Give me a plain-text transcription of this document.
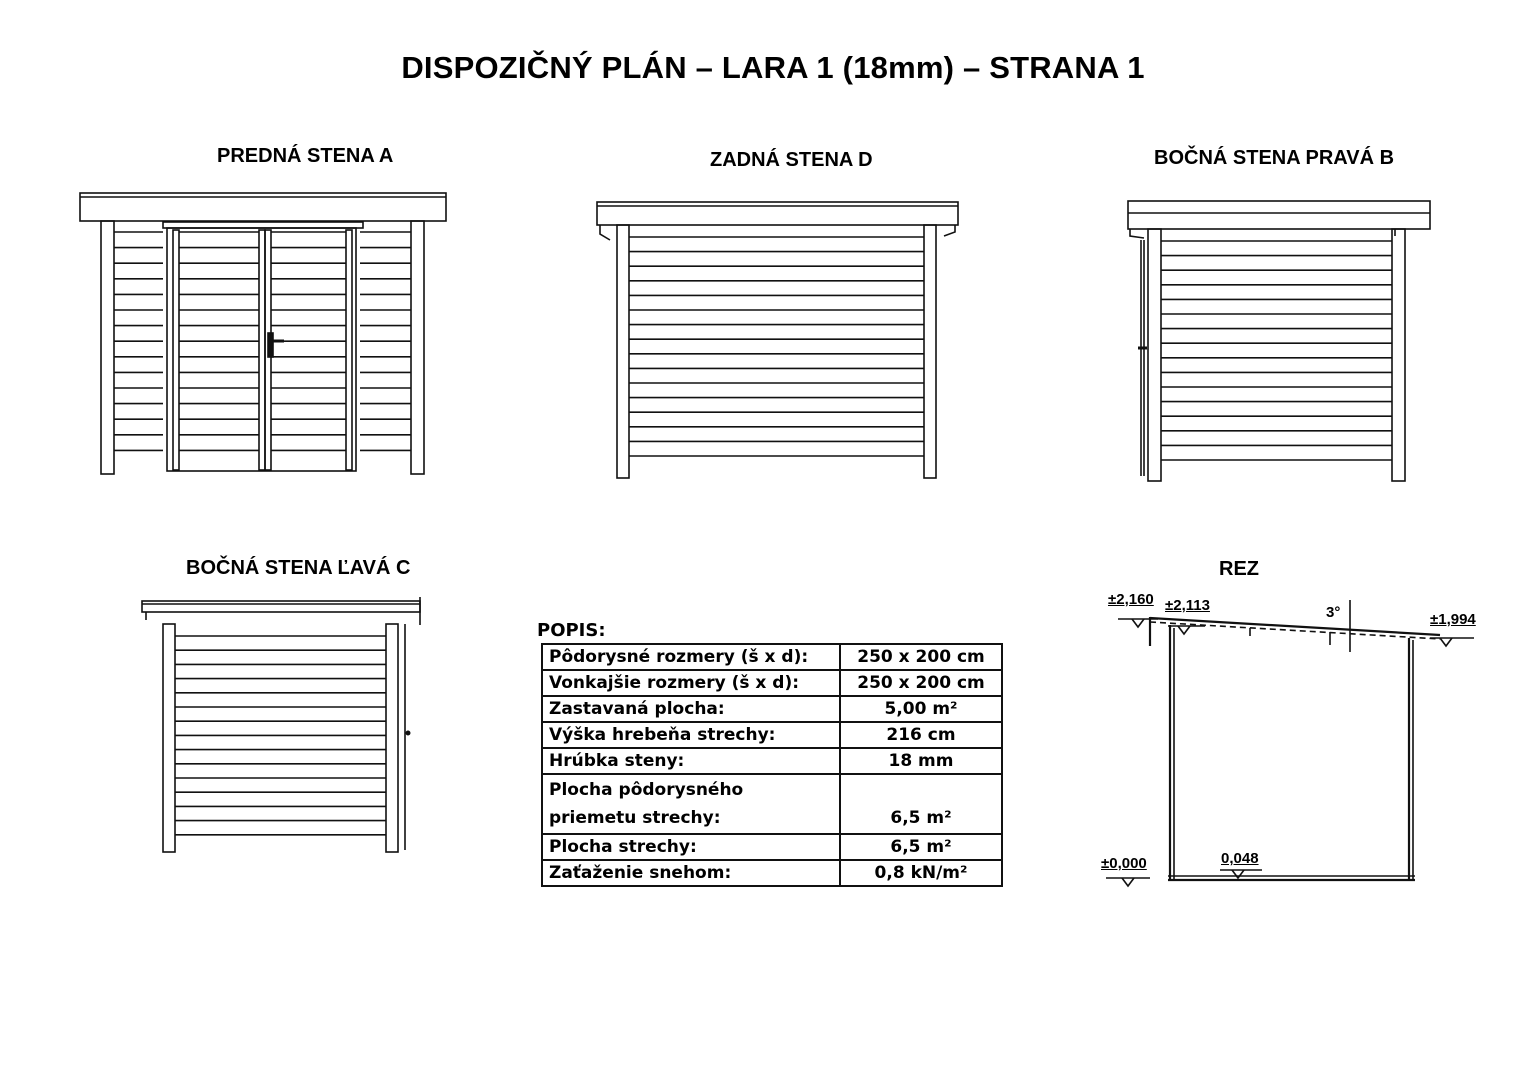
DISPOZIČNÝ PLÁN – LARA 1 (18mm) – STRANA 1
PREDNÁ STENA A	ZADNÁ STENA D	BOČNÁ STENA PRAVÁ B
BOČNÁ STENA ĽAVÁ C	REZ
±2,160 ±2,113	3°	±1,994
±0,000	0,048
POPIS:
Pôdorysné rozmery (š x d):	250 x 200 cm
Vonkajšie rozmery (š x d):	250 x 200 cm
Zastavaná plocha:	5,00 m²
Výška hrebeňa strechy:	216 cm
Hrúbka steny:	18 mm
Plocha pôdorysného priemetu strechy:	6,5 m²
Plocha strechy:	6,5 m²
Zaťaženie snehom:	0,8 kN/m²
